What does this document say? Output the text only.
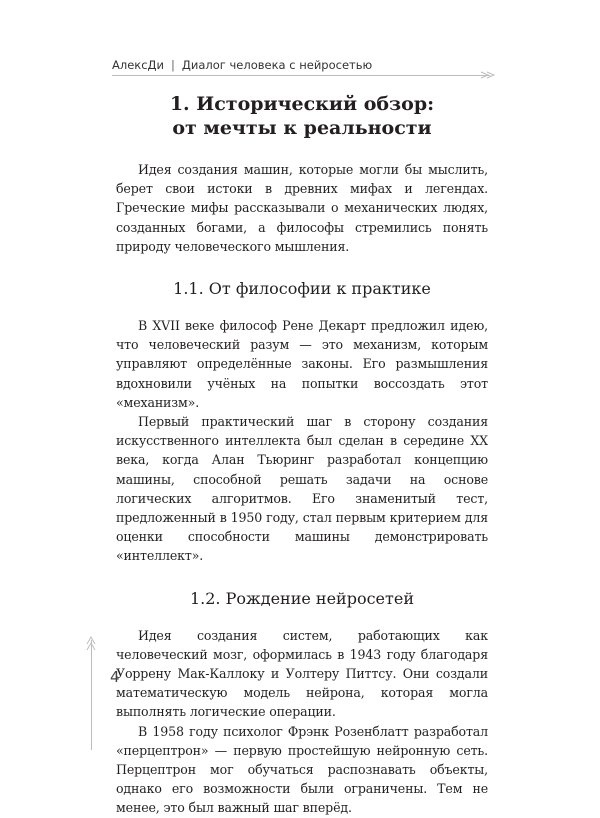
АлексДи | Диалог человека с нейросетью
1. Исторический обзор:
от мечты к реальности

Идея создания машин, которые могли бы мыслить, берет свои истоки в древних мифах и легендах. Греческие мифы рассказывали о механических людях, созданных богами, а философы стремились понять природу человеческого мышления.

1.1. От философии к практике

В XVII веке философ Рене Декарт предложил идею, что человеческий разум — это механизм, которым управляют определённые законы. Его размышления вдохновили учёных на попытки воссоздать этот «механизм».

Первый практический шаг в сторону создания искусственного интеллекта был сделан в середине XX века, когда Алан Тьюринг разработал концепцию машины, способной решать задачи на основе логических алгоритмов. Его знаменитый тест, предложенный в 1950 году, стал первым критерием для оценки способности машины демонстрировать «интеллект».

1.2. Рождение нейросетей

Идея создания систем, работающих как человеческий мозг, оформилась в 1943 году благодаря Уоррену Мак-Каллоку и Уолтеру Питтсу. Они создали математическую модель нейрона, которая могла выполнять логические операции.

В 1958 году психолог Фрэнк Розенблатт разработал «перцептрон» — первую простейшую нейронную сеть. Перцептрон мог обучаться распознавать объекты, однако его возможности были ограничены. Тем не менее, это был важный шаг вперёд.

4
